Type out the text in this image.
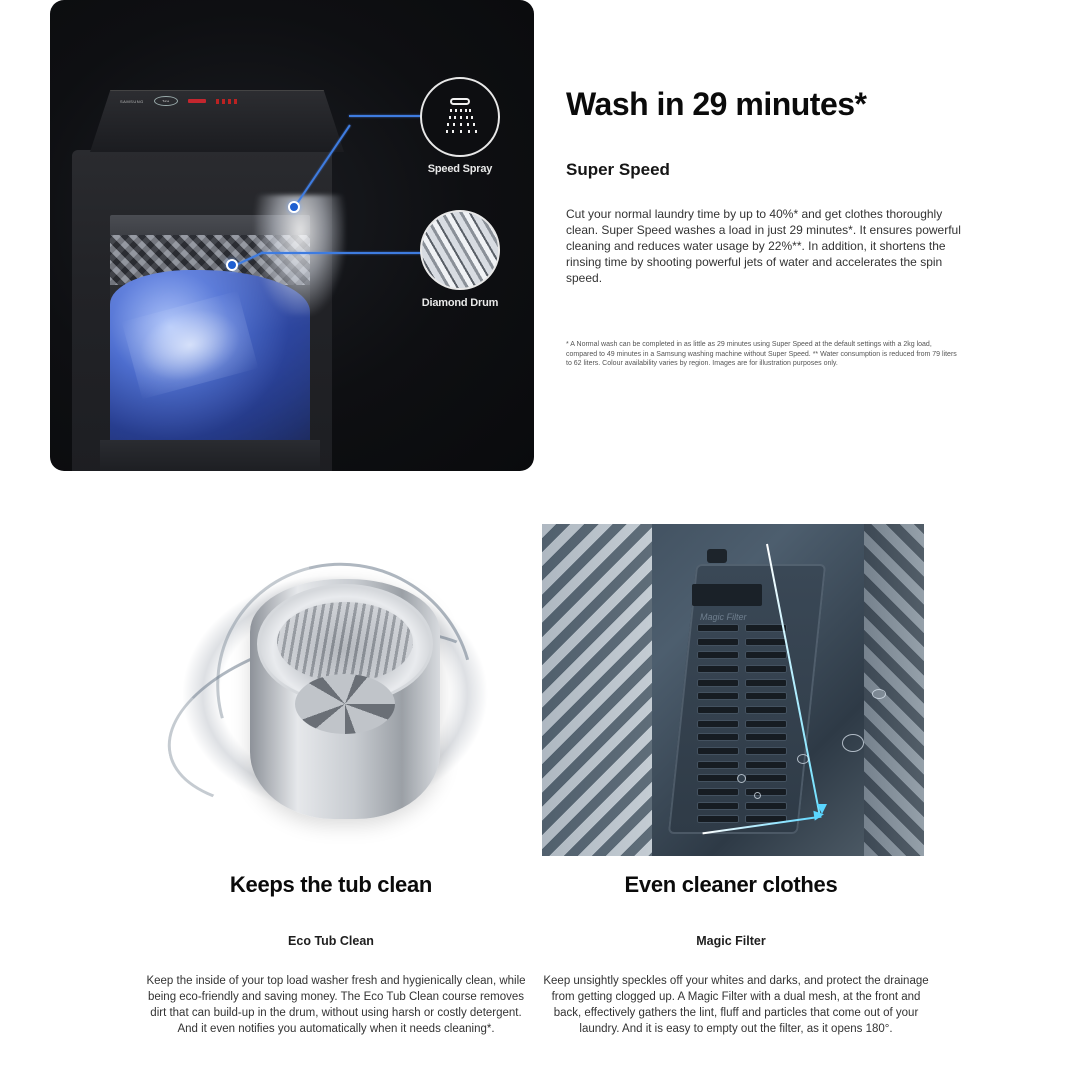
SAMSUNG	Tune
Speed Spray
Diamond Drum
Wash in 29 minutes*
Super Speed

Cut your normal laundry time by up to 40%* and get clothes thoroughly clean. Super Speed washes a load in just 29 minutes*. It ensures powerful cleaning and reduces water usage by 22%**. In addition, it shortens the rinsing time by shooting powerful jets of water and accelerates the spin speed.

* A Normal wash can be completed in as little as 29 minutes using Super Speed at the default settings with a 2kg load, compared to 49 minutes in a Samsung washing machine without Super Speed. ** Water consumption is reduced from 79 liters to 62 liters. Colour availability varies by region. Images are for illustration purposes only.

Keeps the tub clean
Eco Tub Clean

Keep the inside of your top load washer fresh and hygienically clean, while being eco-friendly and saving money. The Eco Tub Clean course removes dirt that can build-up in the drum, without using harsh or costly detergent. And it even notifies you automatically when it needs cleaning*.

Magic Filter
Even cleaner clothes
Magic Filter

Keep unsightly speckles off your whites and darks, and protect the drainage from getting clogged up. A Magic Filter with a dual mesh, at the front and back, effectively gathers the lint, fluff and particles that come out of your laundry. And it is easy to empty out the filter, as it opens 180°.
